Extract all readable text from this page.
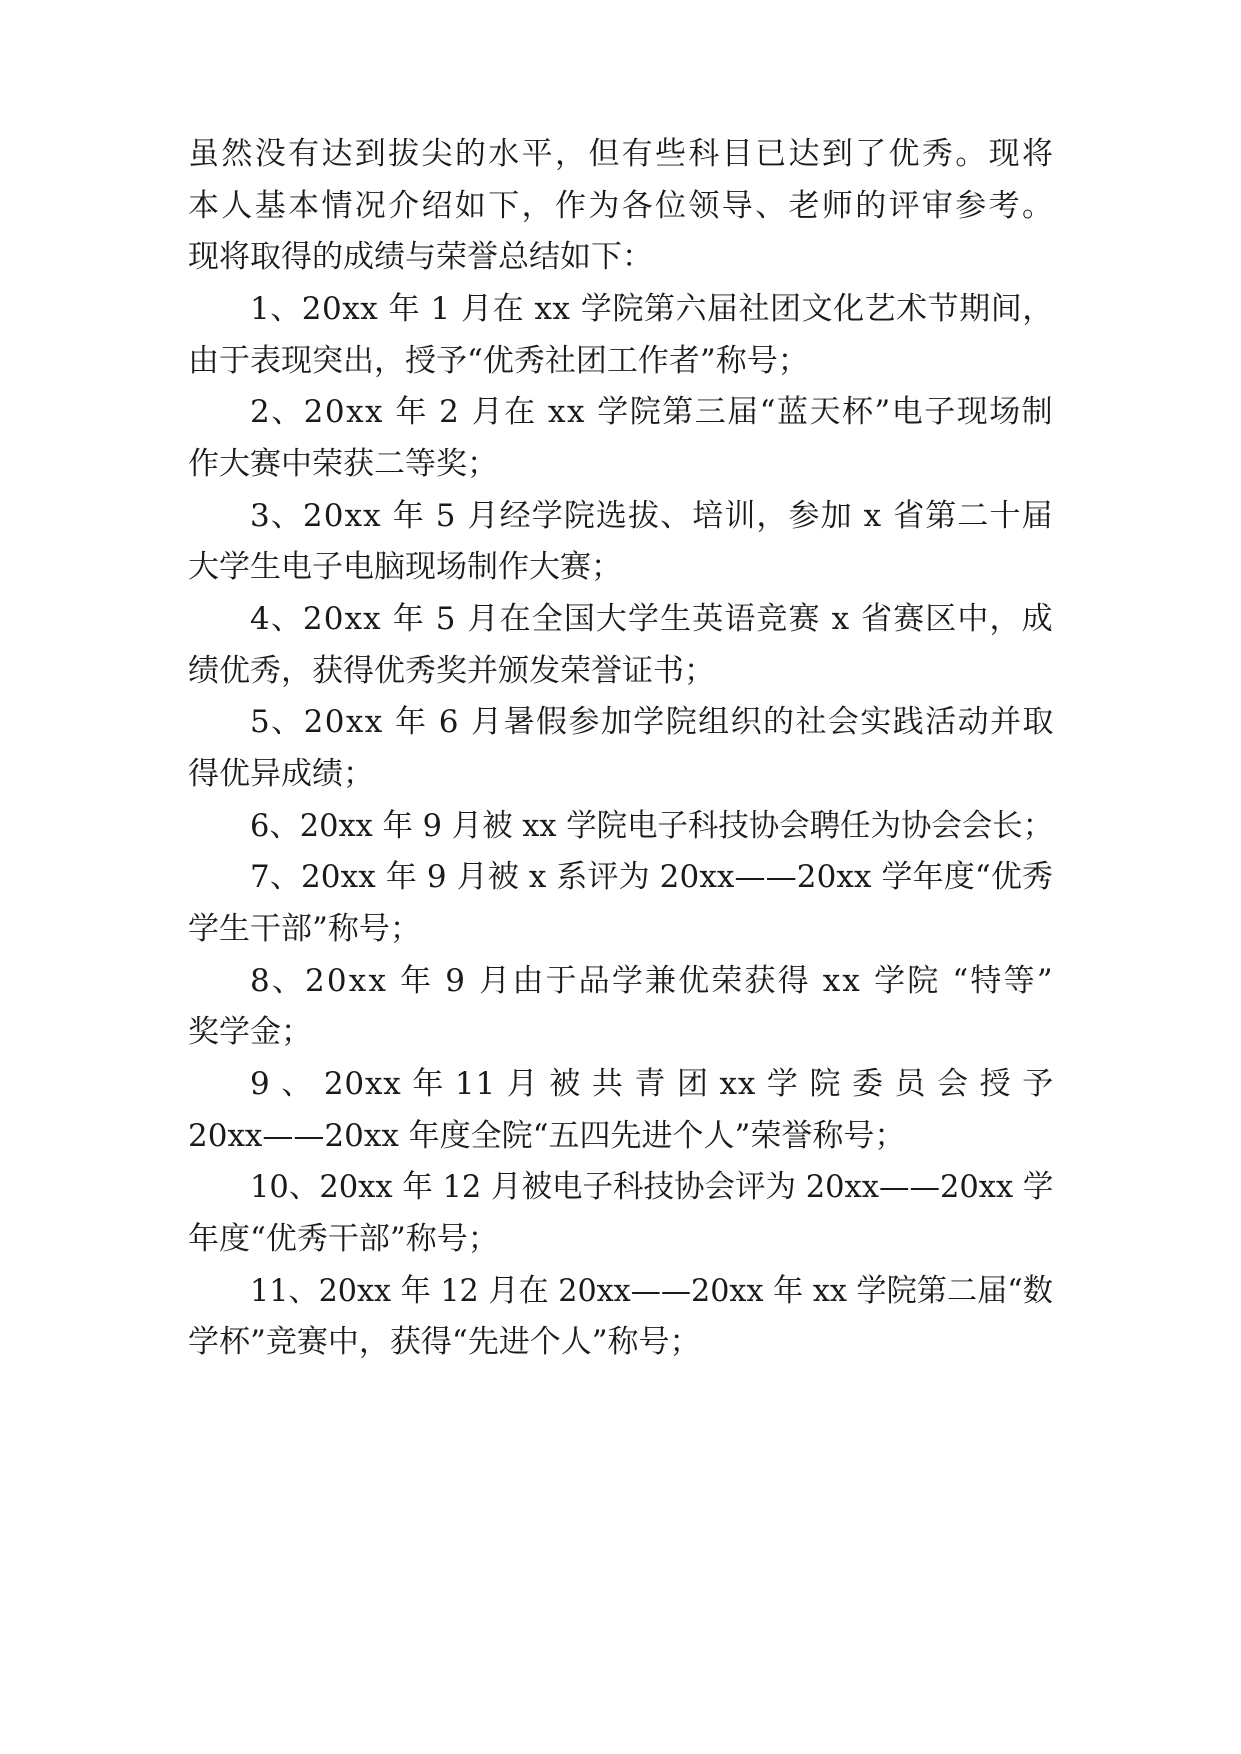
虽然没有达到拔尖的水平，但有些科目已达到了优秀。现将
本人基本情况介绍如下，作为各位领导、老师的评审参考。
现将取得的成绩与荣誉总结如下：
1、20xx 年 1 月在 xx 学院第六届社团文化艺术节期间，
由于表现突出，授予“优秀社团工作者”称号；
2、20xx 年 2 月在 xx 学院第三届“蓝天杯”电子现场制
作大赛中荣获二等奖；
3、20xx 年 5 月经学院选拔、培训，参加 x 省第二十届
大学生电子电脑现场制作大赛；
4、20xx 年 5 月在全国大学生英语竞赛 x 省赛区中，成
绩优秀，获得优秀奖并颁发荣誉证书；
5、20xx 年 6 月暑假参加学院组织的社会实践活动并取
得优异成绩；
6、20xx 年 9 月被 xx 学院电子科技协会聘任为协会会长；
7、20xx 年 9 月被 x 系评为 20xx——20xx 学年度“优秀
学生干部”称号；
8、20xx 年 9 月由于品学兼优荣获得 xx 学院 “特等”
奖学金；
9 、 20xx 年 11 月 被 共 青 团 xx 学 院 委 员 会 授 予
20xx——20xx 年度全院“五四先进个人”荣誉称号；
10、20xx 年 12 月被电子科技协会评为 20xx——20xx 学
年度“优秀干部”称号；
11、20xx 年 12 月在 20xx——20xx 年 xx 学院第二届“数
学杯”竞赛中，获得“先进个人”称号；
